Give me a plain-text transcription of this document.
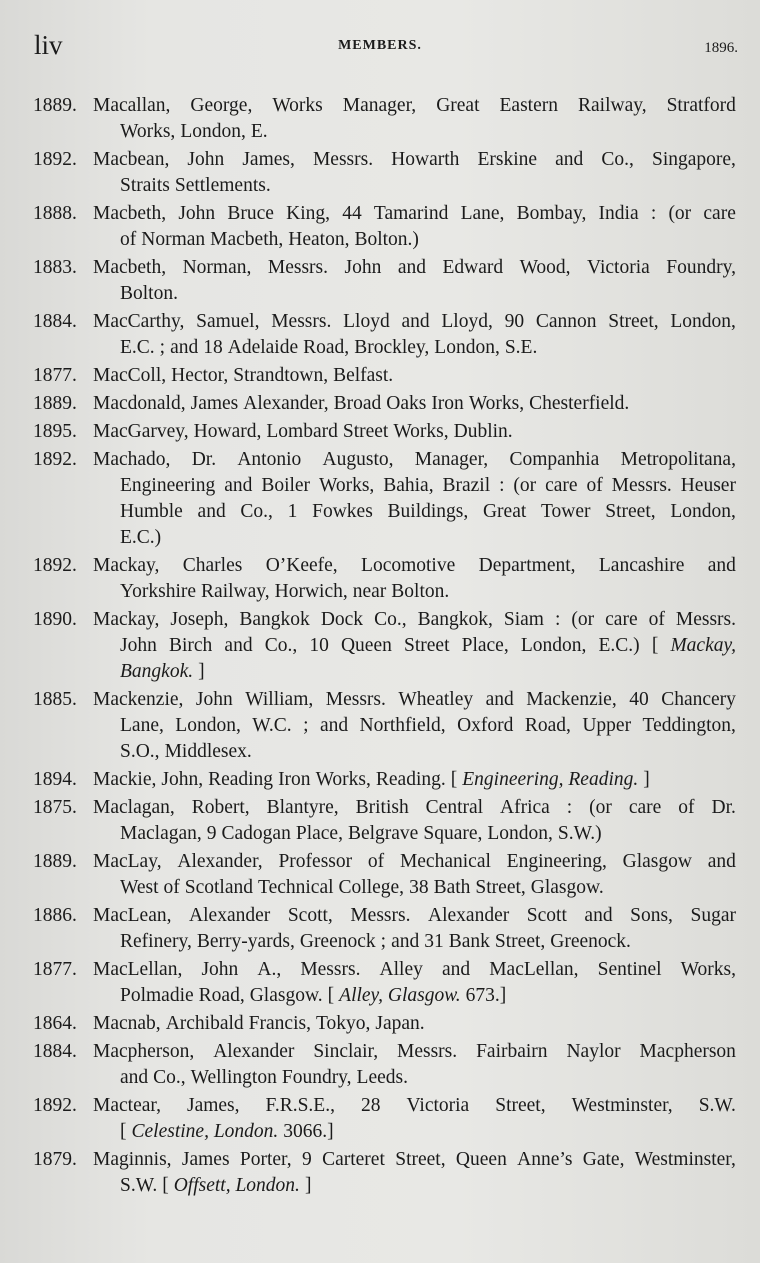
liv	MEMBERS.	1896.
1889. Macallan, George, Works Manager, Great Eastern Railway, Stratford
Works, London, E.
1892. Macbean, John James, Messrs. Howarth Erskine and Co., Singapore,
Straits Settlements.
1888. Macbeth, John Bruce King, 44 Tamarind Lane, Bombay, India : (or care
of Norman Macbeth, Heaton, Bolton.)
1883. Macbeth, Norman, Messrs. John and Edward Wood, Victoria Foundry,
Bolton.
1884. MacCarthy, Samuel, Messrs. Lloyd and Lloyd, 90 Cannon Street, London,
E.C. ; and 18 Adelaide Road, Brockley, London, S.E.
1877. MacColl, Hector, Strandtown, Belfast.
1889. Macdonald, James Alexander, Broad Oaks Iron Works, Chesterfield.
1895. MacGarvey, Howard, Lombard Street Works, Dublin.
1892. Machado, Dr. Antonio Augusto, Manager, Companhia Metropolitana,
Engineering and Boiler Works, Bahia, Brazil : (or care of Messrs. Heuser
Humble and Co., 1 Fowkes Buildings, Great Tower Street, London,
E.C.)
1892. Mackay, Charles O’Keefe, Locomotive Department, Lancashire and
Yorkshire Railway, Horwich, near Bolton.
1890. Mackay, Joseph, Bangkok Dock Co., Bangkok, Siam : (or care of Messrs.
John Birch and Co., 10 Queen Street Place, London, E.C.) [ Mackay,
Bangkok. ]
1885. Mackenzie, John William, Messrs. Wheatley and Mackenzie, 40 Chancery
Lane, London, W.C. ; and Northfield, Oxford Road, Upper Teddington,
S.O., Middlesex.
1894. Mackie, John, Reading Iron Works, Reading. [ Engineering, Reading. ]
1875. Maclagan, Robert, Blantyre, British Central Africa : (or care of Dr.
Maclagan, 9 Cadogan Place, Belgrave Square, London, S.W.)
1889. MacLay, Alexander, Professor of Mechanical Engineering, Glasgow and
West of Scotland Technical College, 38 Bath Street, Glasgow.
1886. MacLean, Alexander Scott, Messrs. Alexander Scott and Sons, Sugar
Refinery, Berry-yards, Greenock ; and 31 Bank Street, Greenock.
1877. MacLellan, John A., Messrs. Alley and MacLellan, Sentinel Works,
Polmadie Road, Glasgow. [ Alley, Glasgow. 673.]
1864. Macnab, Archibald Francis, Tokyo, Japan.
1884. Macpherson, Alexander Sinclair, Messrs. Fairbairn Naylor Macpherson
and Co., Wellington Foundry, Leeds.
1892. Mactear, James, F.R.S.E., 28 Victoria Street, Westminster, S.W.
[ Celestine, London. 3066.]
1879. Maginnis, James Porter, 9 Carteret Street, Queen Anne’s Gate, Westminster,
S.W. [ Offsett, London. ]
